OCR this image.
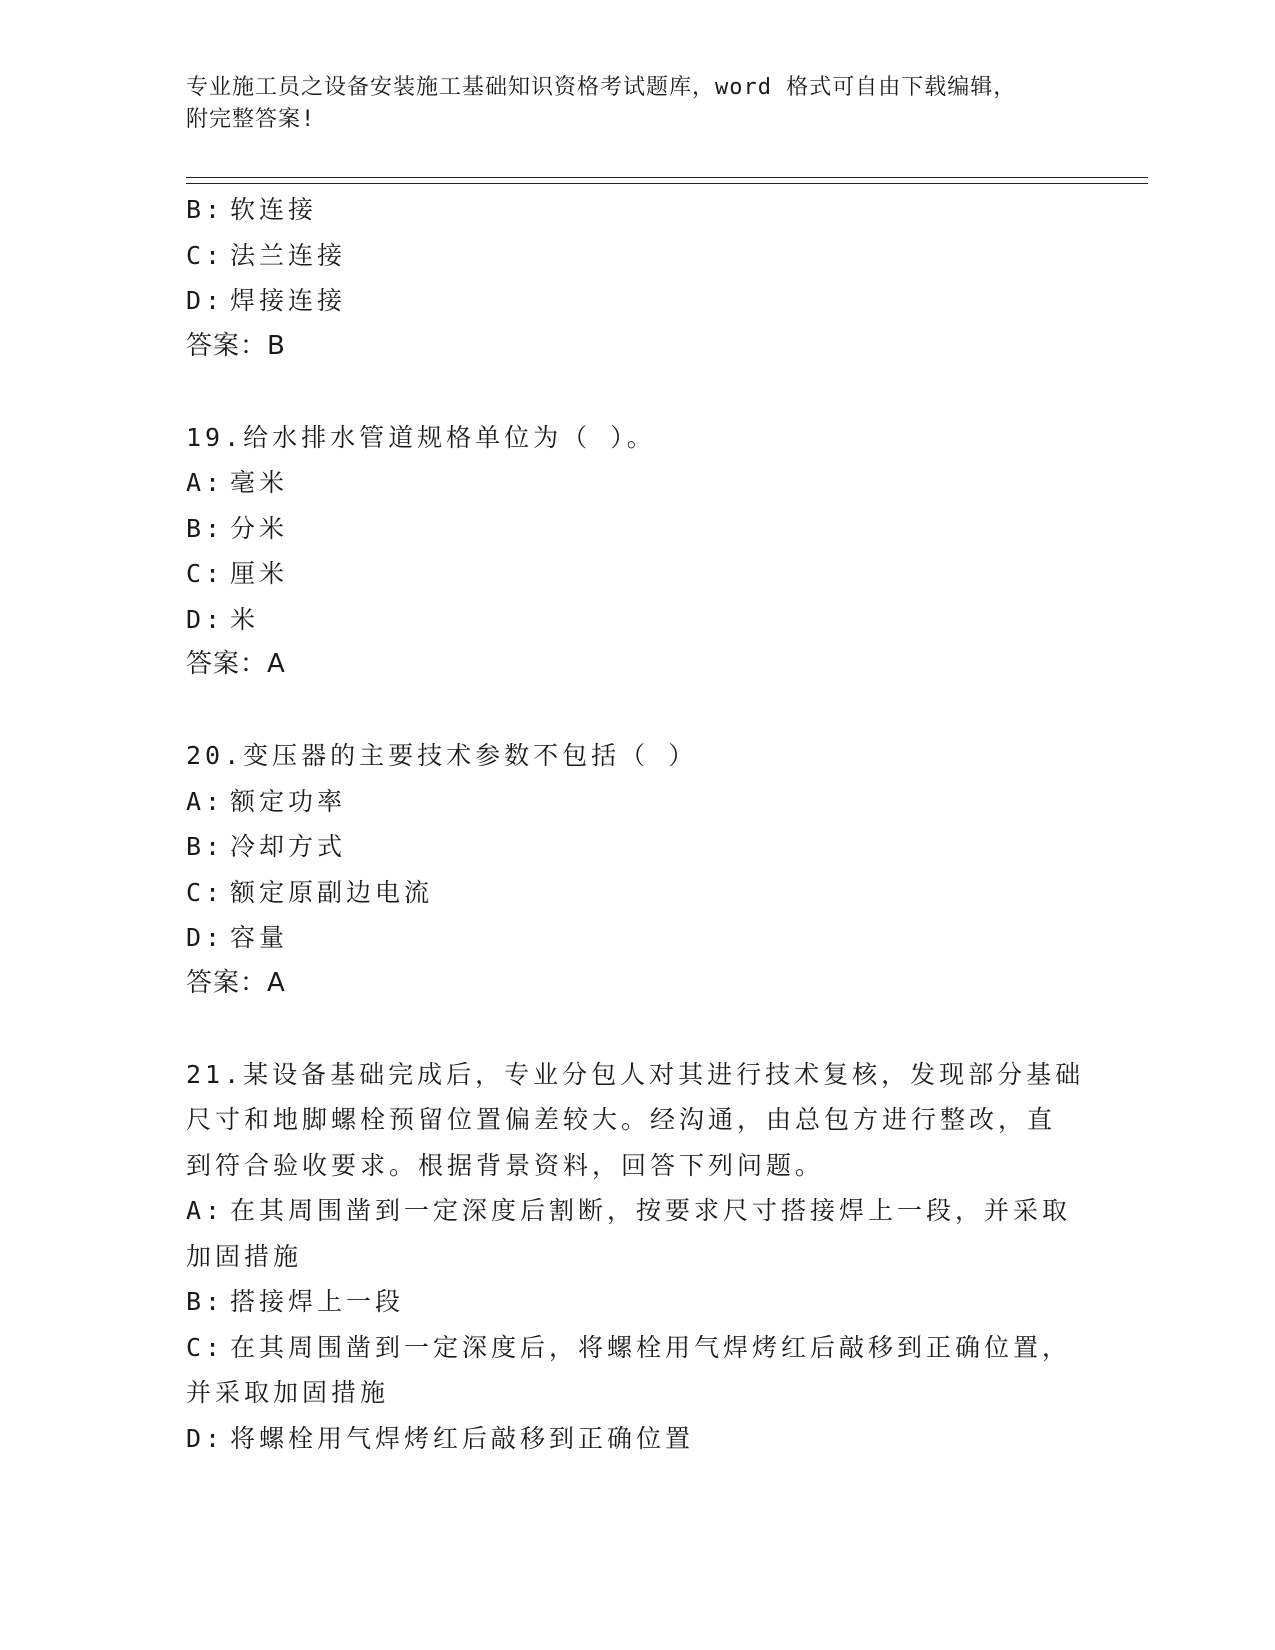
专业施工员之设备安装施工基础知识资格考试题库，word 格式可自由下载编辑，
附完整答案!
B: 软连接
C: 法兰连接
D: 焊接连接
答案：B
19.给水排水管道规格单位为（ ）。
A: 毫米
B: 分米
C: 厘米
D: 米
答案：A
20.变压器的主要技术参数不包括（ ）
A: 额定功率
B: 冷却方式
C: 额定原副边电流
D: 容量
答案：A
21.某设备基础完成后，专业分包人对其进行技术复核，发现部分基础
尺寸和地脚螺栓预留位置偏差较大。经沟通，由总包方进行整改，直
到符合验收要求。根据背景资料，回答下列问题。
A: 在其周围凿到一定深度后割断，按要求尺寸搭接焊上一段，并采取
加固措施
B: 搭接焊上一段
C: 在其周围凿到一定深度后，将螺栓用气焊烤红后敲移到正确位置，
并采取加固措施
D: 将螺栓用气焊烤红后敲移到正确位置
